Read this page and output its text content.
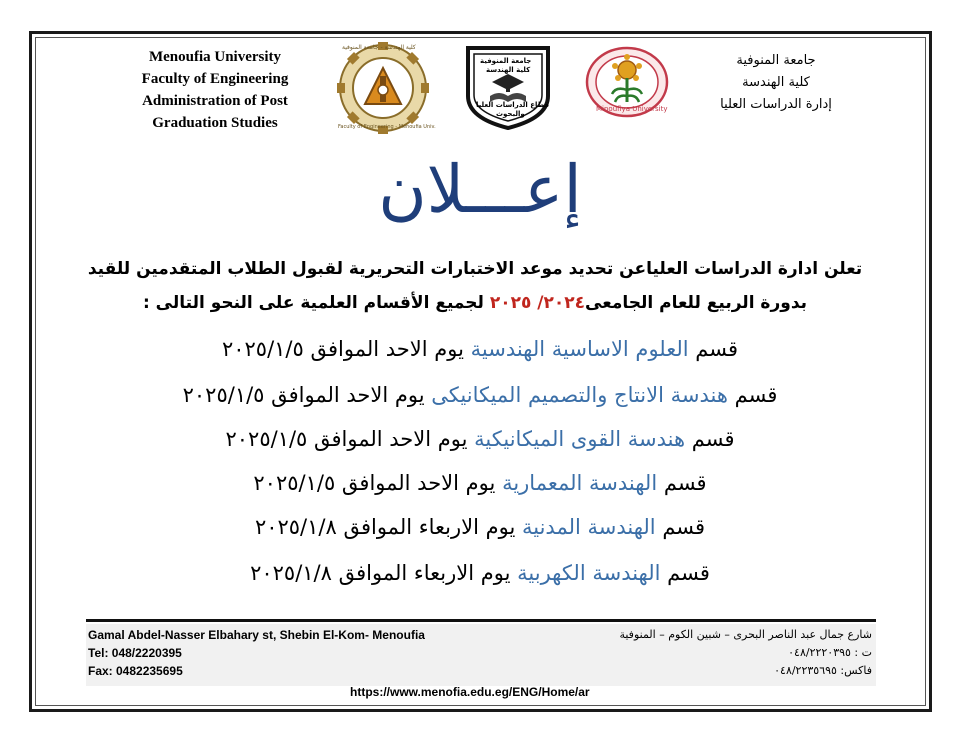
Menoufia University
Faculty of Engineering
Administration of Post
Graduation Studies
كلية الهندسة - جامعة المنوفية
Faculty of Engineering - Menoufia Univ.
جامعة المنوفية
كلية الهندسة
قطاع الدراسات العليا
والبحوث
Minoufiya University
جامعة المنوفية
كلية الهندسة
إدارة الدراسات العليا
إعـــلان
تعلن ادارة الدراسات العلياعن تحديد موعد الاختبارات التحريرية لقبول الطلاب المتقدمين للقيد بدورة الربيع للعام الجامعى٢٠٢٤/ ٢٠٢٥ لجميع الأقسام العلمية على النحو التالى :
قسم العلوم الاساسية الهندسية يوم الاحد الموافق ٢٠٢٥/١/٥
قسم هندسة الانتاج والتصميم الميكانيكى يوم الاحد الموافق ٢٠٢٥/١/٥
قسم هندسة القوى الميكانيكية يوم الاحد الموافق ٢٠٢٥/١/٥
قسم الهندسة المعمارية يوم الاحد الموافق ٢٠٢٥/١/٥
قسم الهندسة المدنية يوم الاربعاء الموافق ٢٠٢٥/١/٨
قسم الهندسة الكهربية يوم الاربعاء الموافق ٢٠٢٥/١/٨
Gamal Abdel-Nasser Elbahary st, Shebin El-Kom- Menoufia
Tel: 048/2220395
Fax: 0482235695
شارع جمال عبد الناصر البحرى – شبين الكوم – المنوفية
ت : ٠٤٨/٢٢٢٠٣٩٥
فاكس: ٠٤٨/٢٢٣٥٦٩٥
https://www.menofia.edu.eg/ENG/Home/ar
